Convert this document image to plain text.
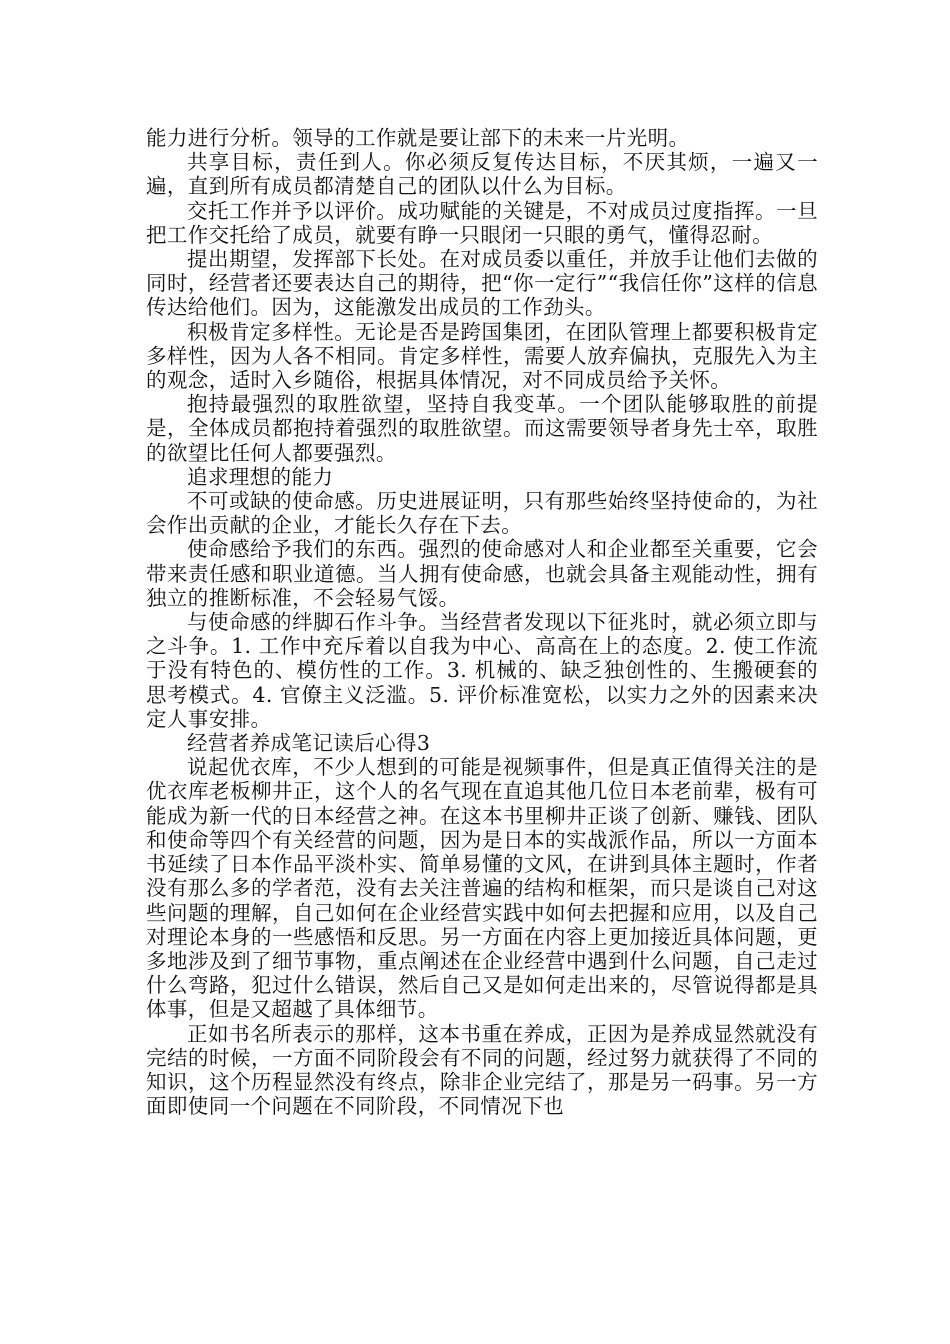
能力进行分析。领导的工作就是要让部下的未来一片光明。

共享目标，责任到人。你必须反复传达目标，不厌其烦，一遍又一遍，直到所有成员都清楚自己的团队以什么为目标。

交托工作并予以评价。成功赋能的关键是，不对成员过度指挥。一旦把工作交托给了成员，就要有睁一只眼闭一只眼的勇气，懂得忍耐。

提出期望，发挥部下长处。在对成员委以重任，并放手让他们去做的同时，经营者还要表达自己的期待，把“你一定行”“我信任你”这样的信息传达给他们。因为，这能激发出成员的工作劲头。

积极肯定多样性。无论是否是跨国集团，在团队管理上都要积极肯定多样性，因为人各不相同。肯定多样性，需要人放弃偏执，克服先入为主的观念，适时入乡随俗，根据具体情况，对不同成员给予关怀。

抱持最强烈的取胜欲望，坚持自我变革。一个团队能够取胜的前提是，全体成员都抱持着强烈的取胜欲望。而这需要领导者身先士卒，取胜的欲望比任何人都要强烈。

追求理想的能力

不可或缺的使命感。历史进展证明，只有那些始终坚持使命的，为社会作出贡献的企业，才能长久存在下去。

使命感给予我们的东西。强烈的使命感对人和企业都至关重要，它会带来责任感和职业道德。当人拥有使命感，也就会具备主观能动性，拥有独立的推断标准，不会轻易气馁。

与使命感的绊脚石作斗争。当经营者发现以下征兆时，就必须立即与之斗争。1. 工作中充斥着以自我为中心、高高在上的态度。2. 使工作流于没有特色的、模仿性的工作。3. 机械的、缺乏独创性的、生搬硬套的思考模式。4. 官僚主义泛滥。5. 评价标准宽松，以实力之外的因素来决定人事安排。

经营者养成笔记读后心得3

说起优衣库，不少人想到的可能是视频事件，但是真正值得关注的是优衣库老板柳井正，这个人的名气现在直追其他几位日本老前辈，极有可能成为新一代的日本经营之神。在这本书里柳井正谈了创新、赚钱、团队和使命等四个有关经营的问题，因为是日本的实战派作品，所以一方面本书延续了日本作品平淡朴实、简单易懂的文风，在讲到具体主题时，作者没有那么多的学者范，没有去关注普遍的结构和框架，而只是谈自己对这些问题的理解，自己如何在企业经营实践中如何去把握和应用，以及自己对理论本身的一些感悟和反思。另一方面在内容上更加接近具体问题，更多地涉及到了细节事物，重点阐述在企业经营中遇到什么问题，自己走过什么弯路，犯过什么错误，然后自己又是如何走出来的，尽管说得都是具体事，但是又超越了具体细节。

正如书名所表示的那样，这本书重在养成，正因为是养成显然就没有完结的时候，一方面不同阶段会有不同的问题，经过努力就获得了不同的知识，这个历程显然没有终点，除非企业完结了，那是另一码事。另一方面即使同一个问题在不同阶段，不同情况下也
